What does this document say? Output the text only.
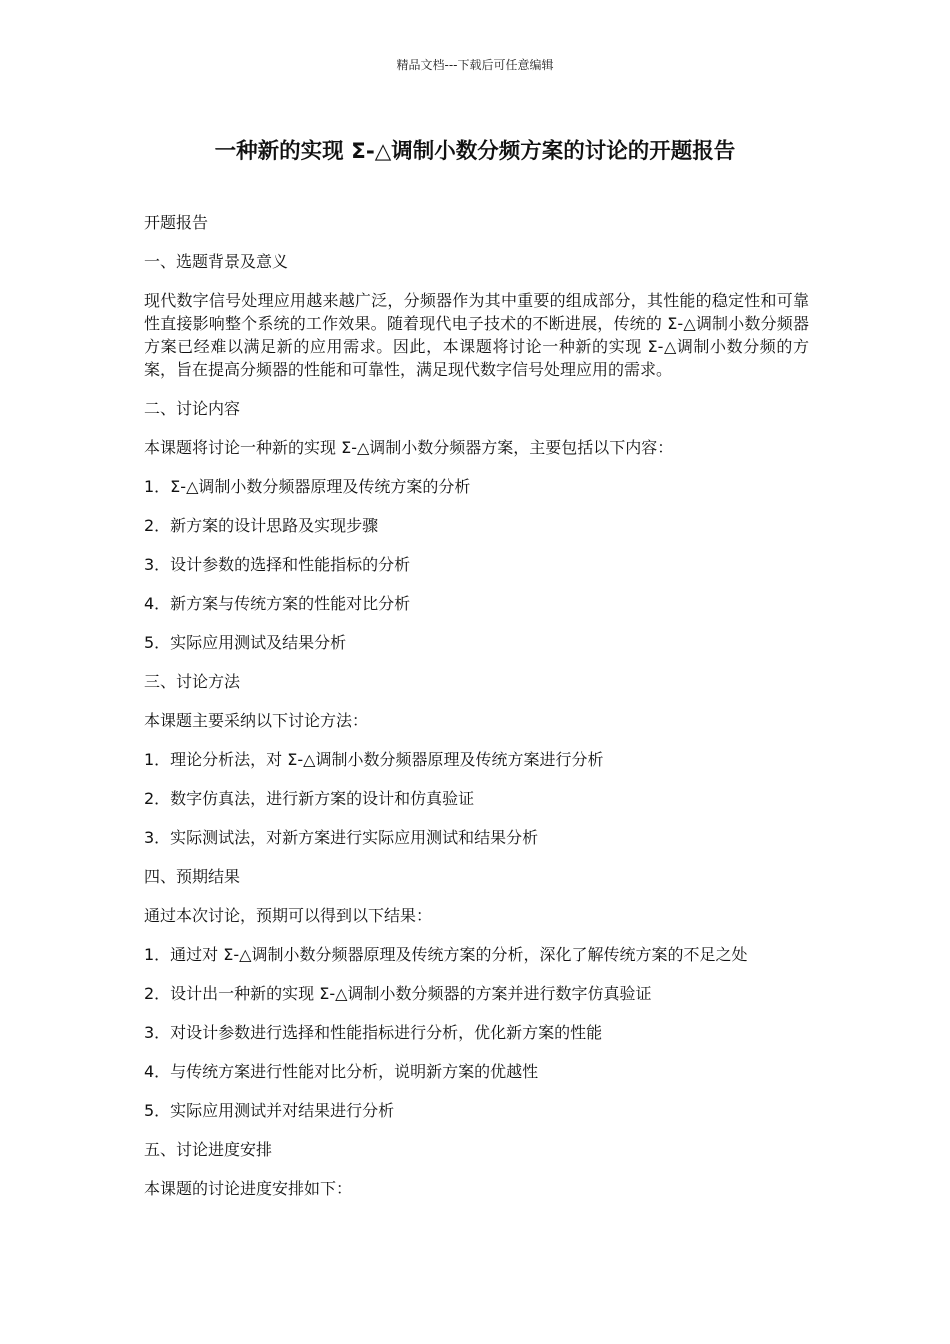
精品文档---下载后可任意编辑
一种新的实现 Σ-△调制小数分频方案的讨论的开题报告

开题报告

一、选题背景及意义

现代数字信号处理应用越来越广泛，分频器作为其中重要的组成部分，其性能的稳定性和可靠性直接影响整个系统的工作效果。随着现代电子技术的不断进展，传统的 Σ-△调制小数分频器方案已经难以满足新的应用需求。因此，本课题将讨论一种新的实现 Σ-△调制小数分频的方案，旨在提高分频器的性能和可靠性，满足现代数字信号处理应用的需求。

二、讨论内容

本课题将讨论一种新的实现 Σ-△调制小数分频器方案，主要包括以下内容：

1．Σ-△调制小数分频器原理及传统方案的分析

2．新方案的设计思路及实现步骤

3．设计参数的选择和性能指标的分析

4．新方案与传统方案的性能对比分析

5．实际应用测试及结果分析

三、讨论方法

本课题主要采纳以下讨论方法：

1．理论分析法，对 Σ-△调制小数分频器原理及传统方案进行分析

2．数字仿真法，进行新方案的设计和仿真验证

3．实际测试法，对新方案进行实际应用测试和结果分析

四、预期结果

通过本次讨论，预期可以得到以下结果：

1．通过对 Σ-△调制小数分频器原理及传统方案的分析，深化了解传统方案的不足之处

2．设计出一种新的实现 Σ-△调制小数分频器的方案并进行数字仿真验证

3．对设计参数进行选择和性能指标进行分析，优化新方案的性能

4．与传统方案进行性能对比分析，说明新方案的优越性

5．实际应用测试并对结果进行分析

五、讨论进度安排

本课题的讨论进度安排如下：
